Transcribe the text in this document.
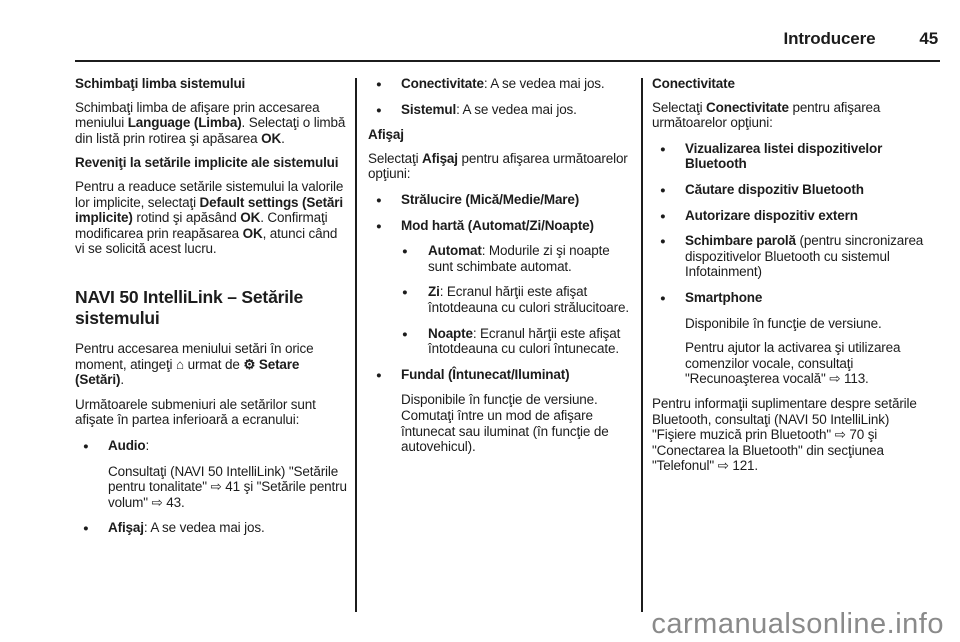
Introducere	45
Schimbaţi limba sistemului
Schimbaţi limba de afişare prin accesarea meniului Language (Limba). Selectaţi o limbă din listă prin rotirea şi apăsarea OK.
Reveniţi la setările implicite ale sistemului
Pentru a readuce setările sistemului la valorile lor implicite, selectaţi Default settings (Setări implicite) rotind şi apăsând OK. Confirmaţi modificarea prin reapăsarea OK, atunci când vi se solicită acest lucru.
NAVI 50 IntelliLink – Setările sistemului
Pentru accesarea meniului setări în orice moment, atingeţi ⌂ urmat de ⚙ Setare (Setări).
Următoarele submeniuri ale setărilor sunt afişate în partea inferioară a ecranului:
● Audio:
Consultaţi (NAVI 50 IntelliLink) "Setările pentru tonalitate" ⇨ 41 şi "Setările pentru volum" ⇨ 43.
● Afişaj: A se vedea mai jos.
● Conectivitate: A se vedea mai jos.
● Sistemul: A se vedea mai jos.
Afişaj
Selectaţi Afişaj pentru afişarea următoarelor opţiuni:
● Strălucire (Mică/Medie/Mare)
● Mod hartă (Automat/Zi/Noapte)
● Automat: Modurile zi şi noapte sunt schimbate automat.
● Zi: Ecranul hărţii este afişat întotdeauna cu culori strălucitoare.
● Noapte: Ecranul hărţii este afişat întotdeauna cu culori întunecate.
● Fundal (Întunecat/Iluminat)
Disponibile în funcţie de versiune. Comutaţi între un mod de afişare întunecat sau iluminat (în funcţie de autovehicul).
Conectivitate
Selectaţi Conectivitate pentru afişarea următoarelor opţiuni:
● Vizualizarea listei dispozitivelor Bluetooth
● Căutare dispozitiv Bluetooth
● Autorizare dispozitiv extern
● Schimbare parolă (pentru sincronizarea dispozitivelor Bluetooth cu sistemul Infotainment)
● Smartphone
Disponibile în funcţie de versiune.
Pentru ajutor la activarea şi utilizarea comenzilor vocale, consultaţi "Recunoaşterea vocală" ⇨ 113.
Pentru informaţii suplimentare despre setările Bluetooth, consultaţi (NAVI 50 IntelliLink) "Fişiere muzică prin Bluetooth" ⇨ 70 şi "Conectarea la Bluetooth" din secţiunea "Telefonul" ⇨ 121.
carmanualsonline.info
